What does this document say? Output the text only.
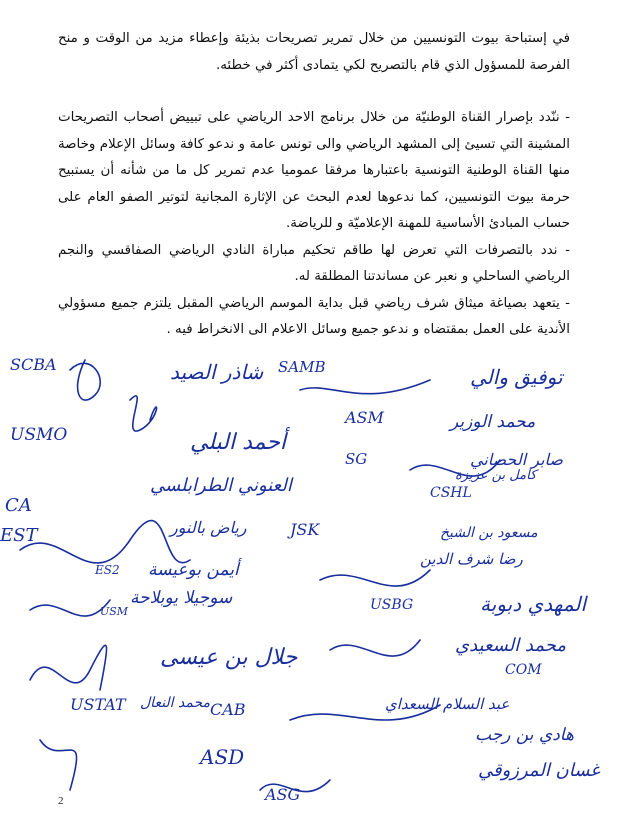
في إستباحة بيوت التونسيين من خلال تمرير تصريحات بذيئة وإعطاء مزيد من الوقت و منح الفرصة للمسؤول الذي قام بالتصريح لكي يتمادى أكثر في خطئه.

- ننّدد بإصرار القناة الوطنيّة من خلال برنامج الاحد الرياضي على تبييض أصحاب التصريحات المشينة التي تسيئ إلى المشهد الرياضي والى تونس عامة و ندعو كافة وسائل الإعلام وخاصة منها القناة الوطنية التونسية باعتبارها مرفقا عموميا عدم تمرير كل ما من شأنه أن يستبيح حرمة بيوت التونسيين، كما ندعوها لعدم البحث عن الإثارة المجانية لتوتير الصفو العام على حساب المبادئ الأساسية للمهنة الإعلاميّة و للرياضة.

- ندد بالتصرفات التي تعرض لها طاقم تحكيم مباراة النادي الرياضي الصفاقسي والنجم الرياضي الساحلي و نعبر عن مساندتنا المطلقة له.

- يتعهد بصياغة ميثاق شرف رياضي قبل بداية الموسم الرياضي المقبل يلتزم جميع مسؤولي الأندية على العمل بمقتضاه و ندعو جميع وسائل الاعلام الى الانخراط فيه .

SCBA	شاذر الصيد SAMB	توفيق والي
USMO	أحمد البلي
ASM	محمد الوزير
SG	صابر الحصاني
CA
العنوني الطرابلسي	CSHL
كامل بن عزيزة
EST	رياض بالنور	JSK	مسعود بن الشيخ
ES2 أيمن بوعيسة
رضا شرف الدين
USM
سوجيلا يوبلاحة	USBG	المهدي دبوبة
جلال بن عيسى	محمد السعيدي
COM
USTAT محمد النعال CAB	عبد السلام السعداي
هادي بن رجب
ASD
غسان المرزوقي
ASG
2
